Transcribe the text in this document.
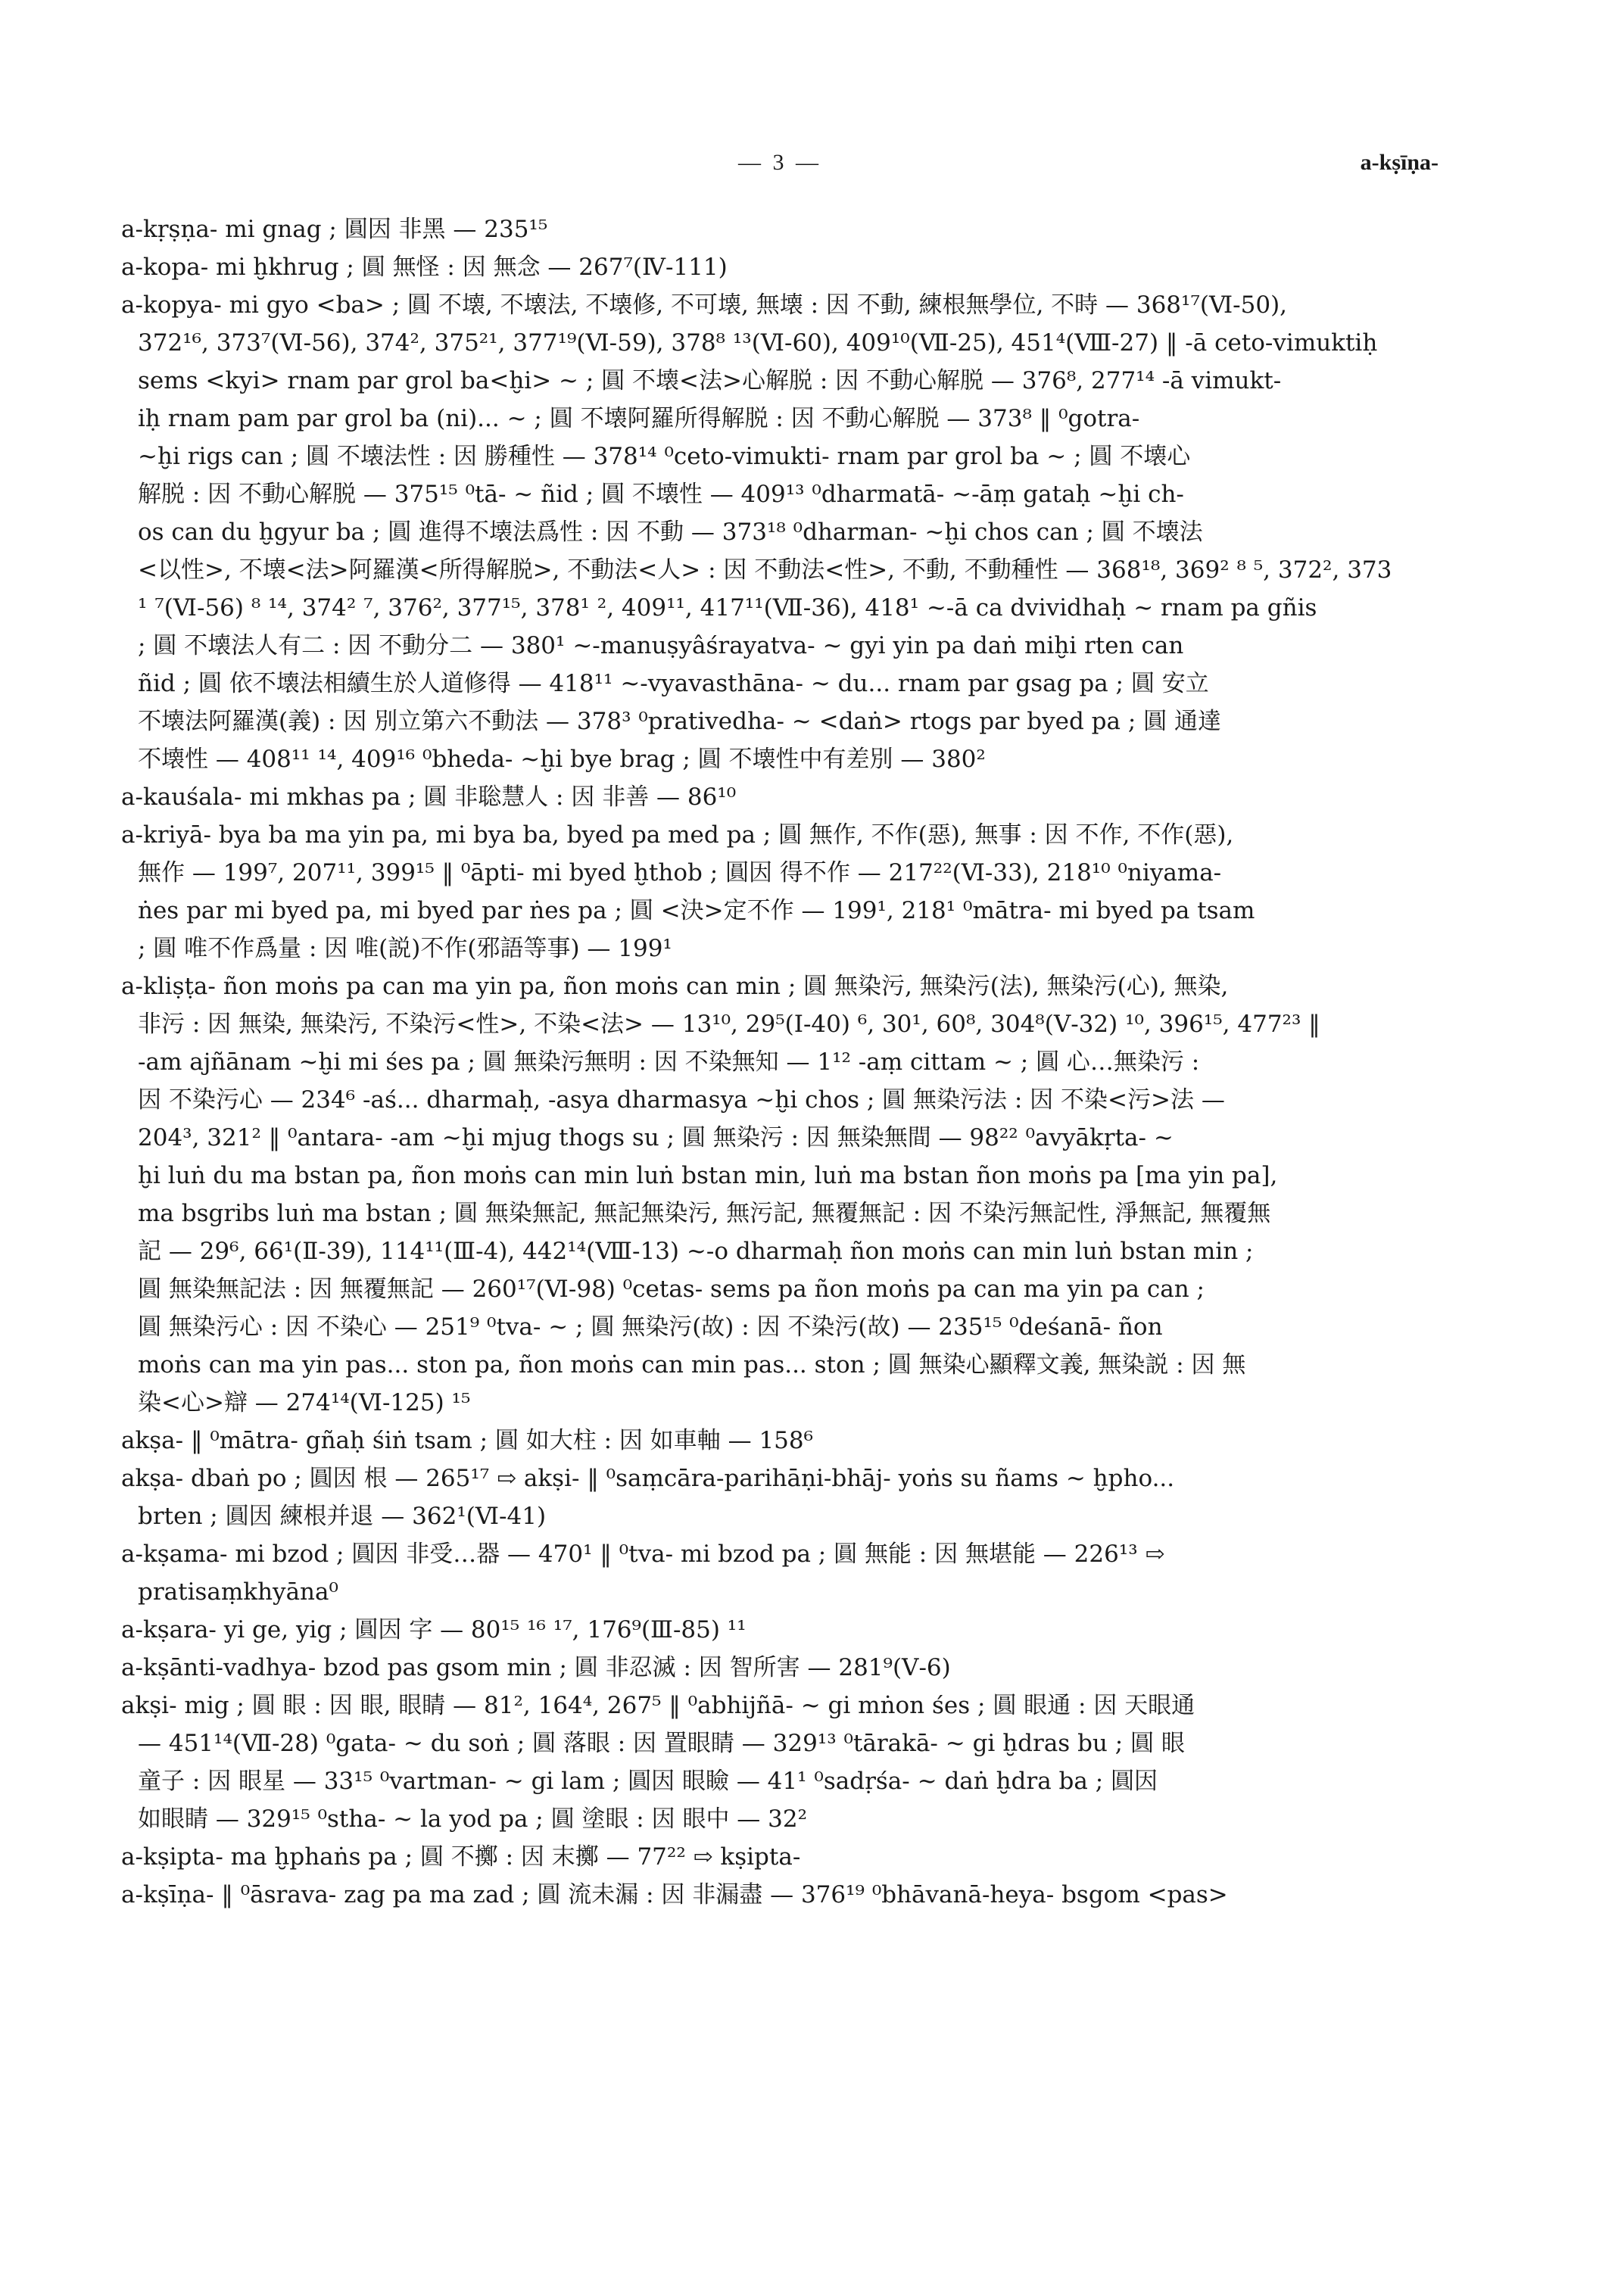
— 3 —	a-kṣīṇa-
a-kṛṣṇa- mi gnag ; 圓因 非黑 — 235¹⁵
a-kopa- mi ḫkhrug ; 圓 無怪 : 因 無念 — 267⁷(Ⅳ-111)
a-kopya- mi gyo <ba> ; 圓 不壊, 不壊法, 不壊修, 不可壊, 無壊 : 因 不動, 練根無學位, 不時 — 368¹⁷(Ⅵ-50),
372¹⁶, 373⁷(Ⅵ-56), 374², 375²¹, 377¹⁹(Ⅵ-59), 378⁸ ¹³(Ⅵ-60), 409¹⁰(Ⅶ-25), 451⁴(Ⅷ-27) ‖ -ā ceto-vimuktiḥ
sems <kyi> rnam par grol ba<ḫi> ~ ; 圓 不壊<法>心解脱 : 因 不動心解脱 — 376⁸, 277¹⁴ -ā vimukt-
iḥ rnam pam par grol ba (ni)... ~ ; 圓 不壊阿羅所得解脱 : 因 不動心解脱 — 373⁸ ‖ ⁰gotra-
~ḫi rigs can ; 圓 不壊法性 : 因 勝種性 — 378¹⁴ ⁰ceto-vimukti- rnam par grol ba ~ ; 圓 不壊心
解脱 : 因 不動心解脱 — 375¹⁵ ⁰tā- ~ ñid ; 圓 不壊性 — 409¹³ ⁰dharmatā- ~-āṃ gataḥ ~ḫi ch-
os can du ḫgyur ba ; 圓 進得不壊法爲性 : 因 不動 — 373¹⁸ ⁰dharman- ~ḫi chos can ; 圓 不壊法
<以性>, 不壊<法>阿羅漢<所得解脱>, 不動法<人> : 因 不動法<性>, 不動, 不動種性 — 368¹⁸, 369² ⁸ ⁵, 372², 373
¹ ⁷(Ⅵ-56) ⁸ ¹⁴, 374² ⁷, 376², 377¹⁵, 378¹ ², 409¹¹, 417¹¹(Ⅶ-36), 418¹ ~-ā ca dvividhaḥ ~ rnam pa gñis
; 圓 不壊法人有二 : 因 不動分二 — 380¹ ~-manuṣyâśrayatva- ~ gyi yin pa daṅ miḫi rten can
ñid ; 圓 依不壊法相續生於人道修得 — 418¹¹ ~-vyavasthāna- ~ du... rnam par gsag pa ; 圓 安立
不壊法阿羅漢(義) : 因 別立第六不動法 — 378³ ⁰prativedha- ~ <daṅ> rtogs par byed pa ; 圓 通達
不壊性 — 408¹¹ ¹⁴, 409¹⁶ ⁰bheda- ~ḫi bye brag ; 圓 不壊性中有差別 — 380²
a-kauśala- mi mkhas pa ; 圓 非聡慧人 : 因 非善 — 86¹⁰
a-kriyā- bya ba ma yin pa, mi bya ba, byed pa med pa ; 圓 無作, 不作(惡), 無事 : 因 不作, 不作(惡),
無作 — 199⁷, 207¹¹, 399¹⁵ ‖ ⁰āpti- mi byed ḫthob ; 圓因 得不作 — 217²²(Ⅵ-33), 218¹⁰ ⁰niyama-
ṅes par mi byed pa, mi byed par ṅes pa ; 圓 <決>定不作 — 199¹, 218¹ ⁰mātra- mi byed pa tsam
; 圓 唯不作爲量 : 因 唯(説)不作(邪語等事) — 199¹
a-kliṣṭa- ñon moṅs pa can ma yin pa, ñon moṅs can min ; 圓 無染污, 無染污(法), 無染污(心), 無染,
非污 : 因 無染, 無染污, 不染污<性>, 不染<法> — 13¹⁰, 29⁵(Ⅰ-40) ⁶, 30¹, 60⁸, 304⁸(Ⅴ-32) ¹⁰, 396¹⁵, 477²³ ‖
-am ajñānam ~ḫi mi śes pa ; 圓 無染污無明 : 因 不染無知 — 1¹² -aṃ cittam ~ ; 圓 心…無染污 :
因 不染污心 — 234⁶ -aś... dharmaḥ, -asya dharmasya ~ḫi chos ; 圓 無染污法 : 因 不染<污>法 —
204³, 321² ‖ ⁰antara- -am ~ḫi mjug thogs su ; 圓 無染污 : 因 無染無間 — 98²² ⁰avyākṛta- ~
ḫi luṅ du ma bstan pa, ñon moṅs can min luṅ bstan min, luṅ ma bstan ñon moṅs pa [ma yin pa],
ma bsgribs luṅ ma bstan ; 圓 無染無記, 無記無染污, 無污記, 無覆無記 : 因 不染污無記性, 淨無記, 無覆無
記 — 29⁶, 66¹(Ⅱ-39), 114¹¹(Ⅲ-4), 442¹⁴(Ⅷ-13) ~-o dharmaḥ ñon moṅs can min luṅ bstan min ;
圓 無染無記法 : 因 無覆無記 — 260¹⁷(Ⅵ-98) ⁰cetas- sems pa ñon moṅs pa can ma yin pa can ;
圓 無染污心 : 因 不染心 — 251⁹ ⁰tva- ~ ; 圓 無染污(故) : 因 不染污(故) — 235¹⁵ ⁰deśanā- ñon
moṅs can ma yin pas... ston pa, ñon moṅs can min pas... ston ; 圓 無染心顯釋文義, 無染説 : 因 無
染<心>辯 — 274¹⁴(Ⅵ-125) ¹⁵
akṣa- ‖ ⁰mātra- gñaḥ śiṅ tsam ; 圓 如大柱 : 因 如車軸 — 158⁶
akṣa- dbaṅ po ; 圓因 根 — 265¹⁷ ⇨ akṣi- ‖ ⁰saṃcāra-parihāṇi-bhāj- yoṅs su ñams ~ ḫpho...
brten ; 圓因 練根并退 — 362¹(Ⅵ-41)
a-kṣama- mi bzod ; 圓因 非受…器 — 470¹ ‖ ⁰tva- mi bzod pa ; 圓 無能 : 因 無堪能 — 226¹³ ⇨
pratisaṃkhyāna⁰
a-kṣara- yi ge, yig ; 圓因 字 — 80¹⁵ ¹⁶ ¹⁷, 176⁹(Ⅲ-85) ¹¹
a-kṣānti-vadhya- bzod pas gsom min ; 圓 非忍滅 : 因 智所害 — 281⁹(Ⅴ-6)
akṣi- mig ; 圓 眼 : 因 眼, 眼睛 — 81², 164⁴, 267⁵ ‖ ⁰abhijñā- ~ gi mṅon śes ; 圓 眼通 : 因 天眼通
— 451¹⁴(Ⅶ-28) ⁰gata- ~ du soṅ ; 圓 落眼 : 因 置眼睛 — 329¹³ ⁰tārakā- ~ gi ḫdras bu ; 圓 眼
童子 : 因 眼星 — 33¹⁵ ⁰vartman- ~ gi lam ; 圓因 眼瞼 — 41¹ ⁰sadṛśa- ~ daṅ ḫdra ba ; 圓因
如眼睛 — 329¹⁵ ⁰stha- ~ la yod pa ; 圓 塗眼 : 因 眼中 — 32²
a-kṣipta- ma ḫphaṅs pa ; 圓 不擲 : 因 末擲 — 77²² ⇨ kṣipta-
a-kṣīṇa- ‖ ⁰āsrava- zag pa ma zad ; 圓 流未漏 : 因 非漏盡 — 376¹⁹ ⁰bhāvanā-heya- bsgom <pas>
